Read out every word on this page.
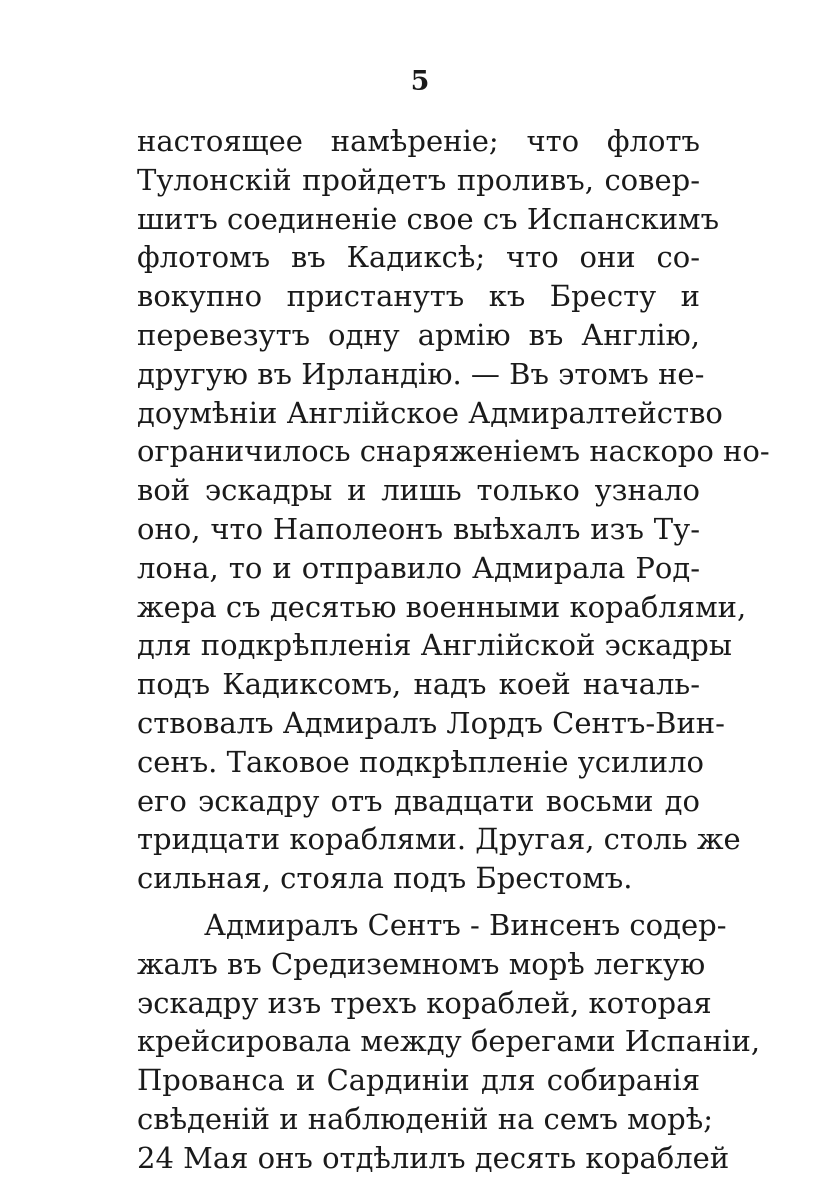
5
настоящее намѣреніе; что флотъ
Тулонскій пройдетъ проливъ, совер-
шитъ соединеніе свое съ Испанскимъ
флотомъ въ Кадиксѣ; что они со-
вокупно пристанутъ къ Бресту и
перевезутъ одну армію въ Англію,
другую въ Ирландію. — Въ этомъ не-
доумѣніи Англійское Адмиралтейство
ограничилось снаряженіемъ наскоро но-
вой эскадры и лишь только узнало
оно, что Наполеонъ выѣхалъ изъ Ту-
лона, то и отправило Адмирала Род-
жера съ десятью военными кораблями,
для подкрѣпленія Англійской эскадры
подъ Кадиксомъ, надъ коей началь-
ствовалъ Адмиралъ Лордъ Сентъ-Вин-
сенъ. Таковое подкрѣпленіе усилило
его эскадру отъ двадцати восьми до
тридцати кораблями. Другая, столь же
сильная, стояла подъ Брестомъ.
Адмиралъ Сентъ - Винсенъ содер-
жалъ въ Средиземномъ морѣ легкую
эскадру изъ трехъ кораблей, которая
крейсировала между берегами Испаніи,
Прованса и Сардиніи для собиранія
свѣденій и наблюденій на семъ морѣ;
24 Мая онъ отдѣлилъ десять кораблей
